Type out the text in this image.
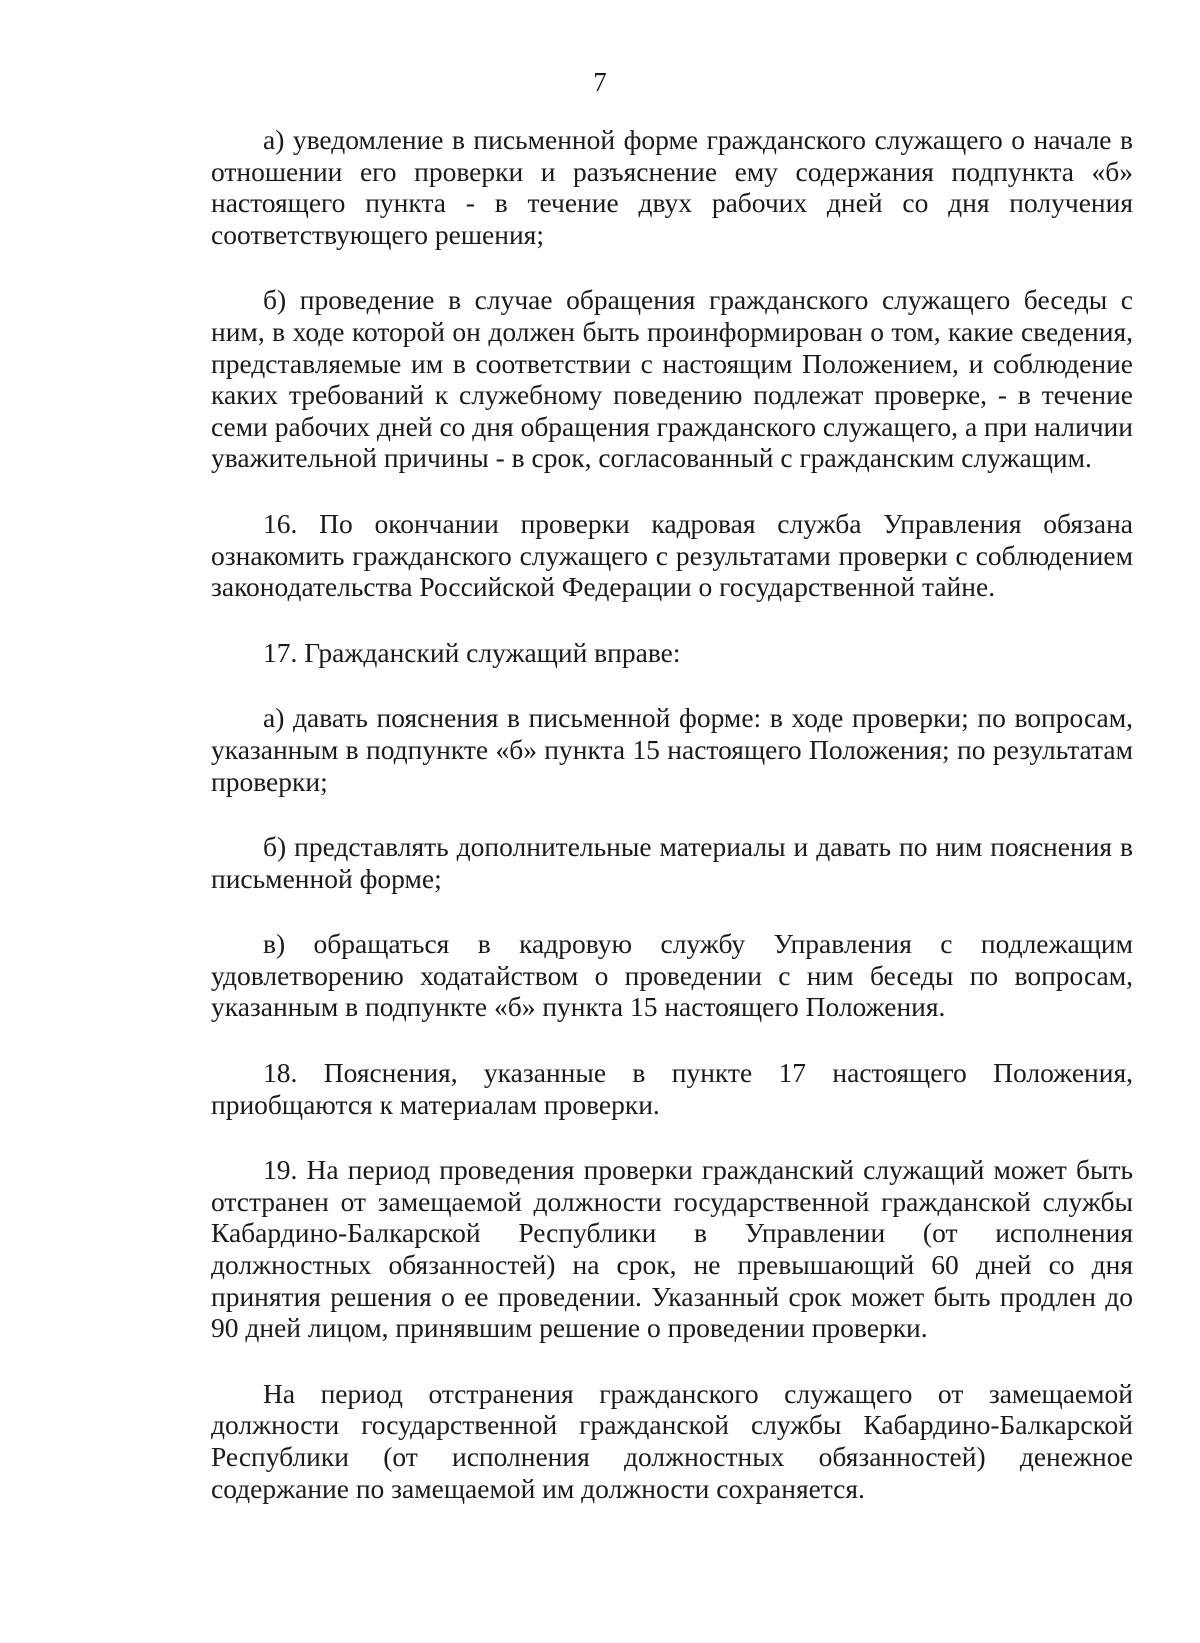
7

а) уведомление в письменной форме гражданского служащего о начале в отношении его проверки и разъяснение ему содержания подпункта «б» настоящего пункта - в течение двух рабочих дней со дня получения соответствующего решения;

б) проведение в случае обращения гражданского служащего беседы с ним, в ходе которой он должен быть проинформирован о том, какие сведения, представляемые им в соответствии с настоящим Положением, и соблюдение каких требований к служебному поведению подлежат проверке, - в течение семи рабочих дней со дня обращения гражданского служащего, а при наличии уважительной причины - в срок, согласованный с гражданским служащим.

16. По окончании проверки кадровая служба Управления обязана ознакомить гражданского служащего с результатами проверки с соблюдением законодательства Российской Федерации о государственной тайне.

17. Гражданский служащий вправе:

а) давать пояснения в письменной форме: в ходе проверки; по вопросам, указанным в подпункте «б» пункта 15 настоящего Положения; по результатам проверки;

б) представлять дополнительные материалы и давать по ним пояснения в письменной форме;

в) обращаться в кадровую службу Управления с подлежащим удовлетворению ходатайством о проведении с ним беседы по вопросам, указанным в подпункте «б» пункта 15 настоящего Положения.

18. Пояснения, указанные в пункте 17 настоящего Положения, приобщаются к материалам проверки.

19. На период проведения проверки гражданский служащий может быть отстранен от замещаемой должности государственной гражданской службы Кабардино-Балкарской Республики в Управлении (от исполнения должностных обязанностей) на срок, не превышающий 60 дней со дня принятия решения о ее проведении. Указанный срок может быть продлен до 90 дней лицом, принявшим решение о проведении проверки.

На период отстранения гражданского служащего от замещаемой должности государственной гражданской службы Кабардино-Балкарской Республики (от исполнения должностных обязанностей) денежное содержание по замещаемой им должности сохраняется.
